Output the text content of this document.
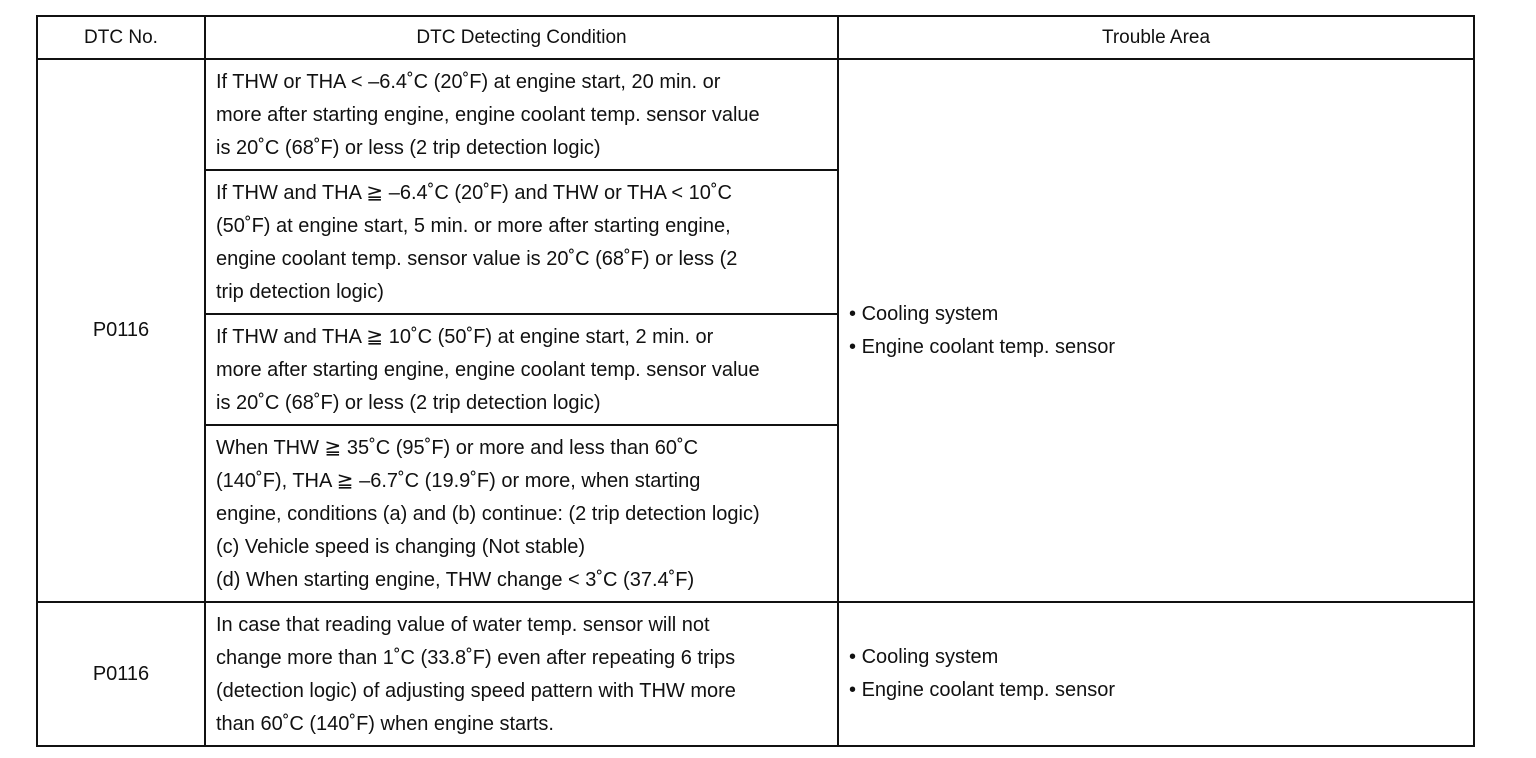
DTC No.	DTC Detecting Condition	Trouble Area
P0116	If THW or THA < –6.4˚C (20˚F) at engine start, 20 min. or
more after starting engine, engine coolant temp. sensor value
is 20˚C (68˚F) or less (2 trip detection logic)	• Cooling system
• Engine coolant temp. sensor

	If THW and THA ≧ –6.4˚C (20˚F) and THW or THA < 10˚C
(50˚F) at engine start, 5 min. or more after starting engine,
engine coolant temp. sensor value is 20˚C (68˚F) or less (2
trip detection logic)	

	If THW and THA ≧ 10˚C (50˚F) at engine start, 2 min. or
more after starting engine, engine coolant temp. sensor value
is 20˚C (68˚F) or less (2 trip detection logic)	

	When THW ≧ 35˚C (95˚F) or more and less than 60˚C
(140˚F), THA ≧ –6.7˚C (19.9˚F) or more, when starting
engine, conditions (a) and (b) continue: (2 trip detection logic)
(c) Vehicle speed is changing (Not stable)
(d) When starting engine, THW change < 3˚C (37.4˚F)	

P0116	In case that reading value of water temp. sensor will not
change more than 1˚C (33.8˚F) even after repeating 6 trips
(detection logic) of adjusting speed pattern with THW more
than 60˚C (140˚F) when engine starts.	• Cooling system
• Engine coolant temp. sensor
